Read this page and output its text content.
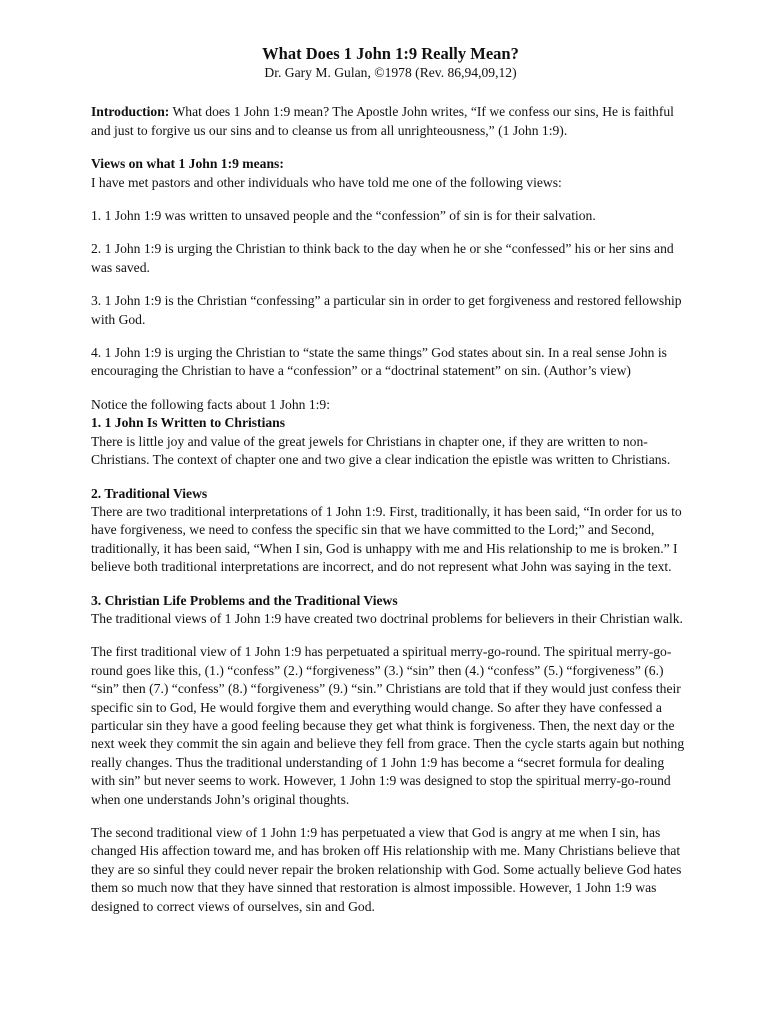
What Does 1 John 1:9 Really Mean?

Dr. Gary M. Gulan, ©1978 (Rev. 86,94,09,12)

Introduction: What does 1 John 1:9 mean? The Apostle John writes, “If we confess our sins, He is faithful and just to forgive us our sins and to cleanse us from all unrighteousness,” (1 John 1:9).

Views on what 1 John 1:9 means:
I have met pastors and other individuals who have told me one of the following views:

1. 1 John 1:9 was written to unsaved people and the “confession” of sin is for their salvation.

2. 1 John 1:9 is urging the Christian to think back to the day when he or she “confessed” his or her sins and was saved.

3. 1 John 1:9 is the Christian “confessing” a particular sin in order to get forgiveness and restored fellowship with God.

4. 1 John 1:9 is urging the Christian to “state the same things” God states about sin. In a real sense John is encouraging the Christian to have a “confession” or a “doctrinal statement” on sin. (Author’s view)

Notice the following facts about 1 John 1:9:

1. 1 John Is Written to Christians
There is little joy and value of the great jewels for Christians in chapter one, if they are written to non-Christians. The context of chapter one and two give a clear indication the epistle was written to Christians.

2. Traditional Views
There are two traditional interpretations of 1 John 1:9. First, traditionally, it has been said, “In order for us to have forgiveness, we need to confess the specific sin that we have committed to the Lord;” and Second, traditionally, it has been said, “When I sin, God is unhappy with me and His relationship to me is broken.” I believe both traditional interpretations are incorrect, and do not represent what John was saying in the text.

3. Christian Life Problems and the Traditional Views
The traditional views of 1 John 1:9 have created two doctrinal problems for believers in their Christian walk.

The first traditional view of 1 John 1:9 has perpetuated a spiritual merry-go-round. The spiritual merry-go-round goes like this, (1.) “confess” (2.) “forgiveness” (3.) “sin” then (4.) “confess” (5.) “forgiveness” (6.) “sin” then (7.) “confess” (8.) “forgiveness” (9.) “sin.” Christians are told that if they would just confess their specific sin to God, He would forgive them and everything would change. So after they have confessed a particular sin they have a good feeling because they get what think is forgiveness. Then, the next day or the next week they commit the sin again and believe they fell from grace. Then the cycle starts again but nothing really changes. Thus the traditional understanding of 1 John 1:9 has become a “secret formula for dealing with sin” but never seems to work. However, 1 John 1:9 was designed to stop the spiritual merry-go-round when one understands John’s original thoughts.

The second traditional view of 1 John 1:9 has perpetuated a view that God is angry at me when I sin, has changed His affection toward me, and has broken off His relationship with me. Many Christians believe that they are so sinful they could never repair the broken relationship with God. Some actually believe God hates them so much now that they have sinned that restoration is almost impossible. However, 1 John 1:9 was designed to correct views of ourselves, sin and God.
